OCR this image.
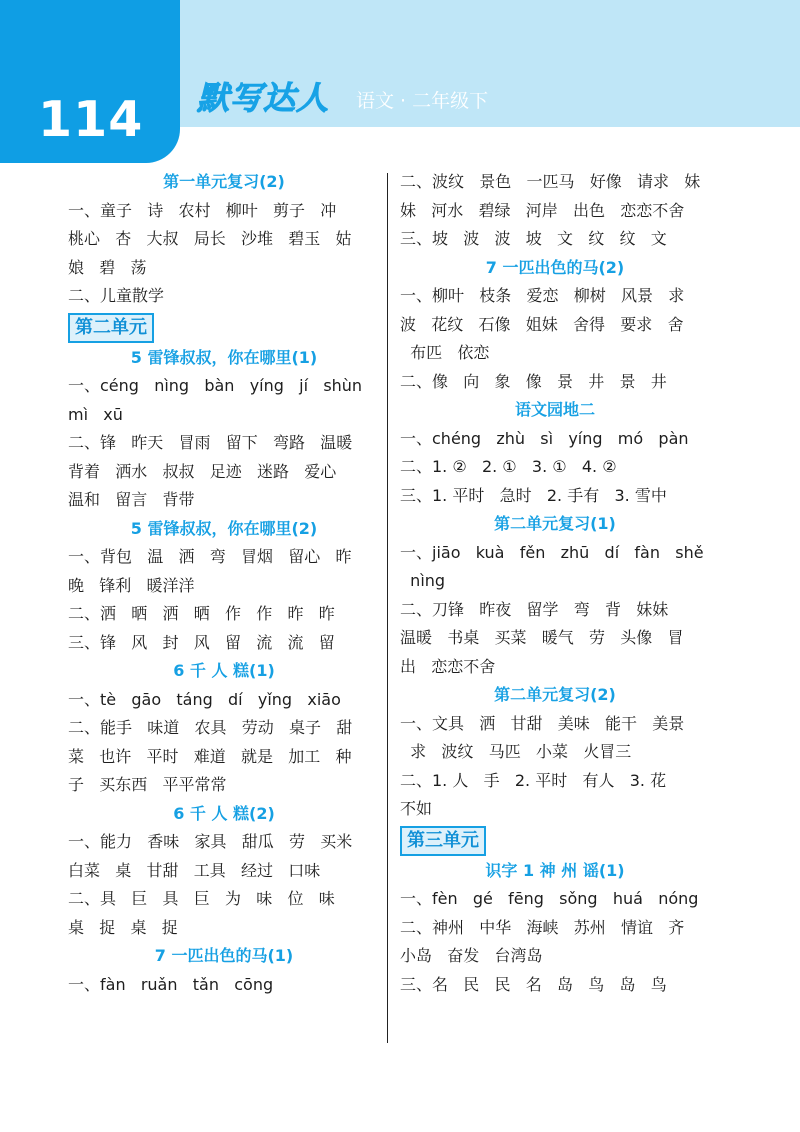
114 默写达人 语文 · 二年级下
第一单元复习(2)
一、童子   诗   农村   柳叶   剪子   冲
桃心   杏   大叔   局长   沙堆   碧玉   姑
娘   碧   荡
二、儿童散学
第二单元
5 雷锋叔叔，你在哪里(1)
一、céng   nìng   bàn   yíng   jí   shùn
mì   xū
二、锋   昨天   冒雨   留下   弯路   温暖
背着   洒水   叔叔   足迹   迷路   爱心
温和   留言   背带
5 雷锋叔叔，你在哪里(2)
一、背包   温   洒   弯   冒烟   留心   昨
晚   锋利   暖洋洋
二、洒   晒   洒   晒   作   作   昨   昨
三、锋   风   封   风   留   流   流   留
6 千 人 糕(1)
一、tè   gāo   táng   dí   yǐng   xiāo
二、能手   味道   农具   劳动   桌子   甜
菜   也许   平时   难道   就是   加工   种
子   买东西   平平常常
6 千 人 糕(2)
一、能力   香味   家具   甜瓜   劳   买米
白菜   桌   甘甜   工具   经过   口味
二、具   巨   具   巨   为   味   位   味
桌   捉   桌   捉
7 一匹出色的马(1)
一、fàn   ruǎn   tǎn   cōng
二、波纹   景色   一匹马   好像   请求   妹
妹   河水   碧绿   河岸   出色   恋恋不舍
三、坡   波   波   坡   文   纹   纹   文
7 一匹出色的马(2)
一、柳叶   枝条   爱恋   柳树   风景   求
波   花纹   石像   姐妹   舍得   要求   舍
布匹   依恋
二、像   向   象   像   景   井   景   井
语文园地二
一、chéng   zhù   sì   yíng   mó   pàn
二、1. ②   2. ①   3. ①   4. ②
三、1. 平时   急时   2. 手有   3. 雪中
第二单元复习(1)
一、jiāo   kuà   fěn   zhū   dí   fàn   shě
nìng
二、刀锋   昨夜   留学   弯   背   妹妹
温暖   书桌   买菜   暖气   劳   头像   冒
出   恋恋不舍
第二单元复习(2)
一、文具   洒   甘甜   美味   能干   美景
求   波纹   马匹   小菜   火冒三
二、1. 人   手   2. 平时   有人   3. 花
不如
第三单元
识字 1 神 州 谣(1)
一、fèn   gé   fēng   sǒng   huá   nóng
二、神州   中华   海峡   苏州   情谊   齐
小岛   奋发   台湾岛
三、名   民   民   名   岛   鸟   岛   鸟
